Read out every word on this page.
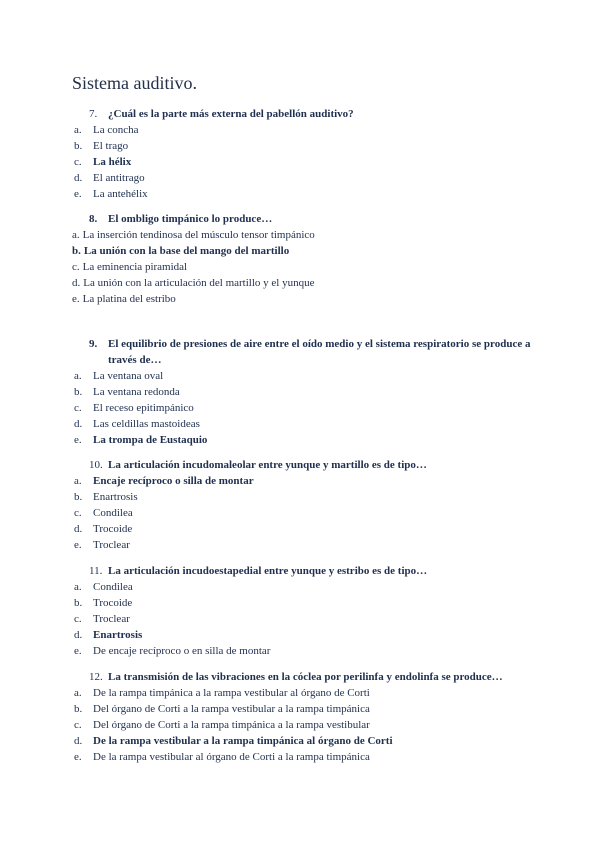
Sistema auditivo.
7. ¿Cuál es la parte más externa del pabellón auditivo?
a. La concha
b. El trago
c. La hélix
d. El antitrago
e. La antehélix
8. El ombligo timpánico lo produce…
a. La inserción tendinosa del músculo tensor timpánico
b. La unión con la base del mango del martillo
c. La eminencia piramidal
d. La unión con la articulación del martillo y el yunque
e. La platina del estribo
9. El equilibrio de presiones de aire entre el oído medio y el sistema respiratorio se produce a través de…
a. La ventana oval
b. La ventana redonda
c. El receso epitimpánico
d. Las celdillas mastoideas
e. La trompa de Eustaquio
10. La articulación incudomaleolar entre yunque y martillo es de tipo…
a. Encaje recíproco o silla de montar
b. Enartrosis
c. Condilea
d. Trocoide
e. Troclear
11. La articulación incudoestapedial entre yunque y estribo es de tipo…
a. Condilea
b. Trocoide
c. Troclear
d. Enartrosis
e. De encaje recíproco o en silla de montar
12. La transmisión de las vibraciones en la cóclea por perilinfa y endolinfa se produce…
a. De la rampa timpánica a la rampa vestibular al órgano de Corti
b. Del órgano de Corti a la rampa vestibular a la rampa timpánica
c. Del órgano de Corti a la rampa timpánica a la rampa vestibular
d. De la rampa vestibular a la rampa timpánica al órgano de Corti
e. De la rampa vestibular al órgano de Corti a la rampa timpánica
